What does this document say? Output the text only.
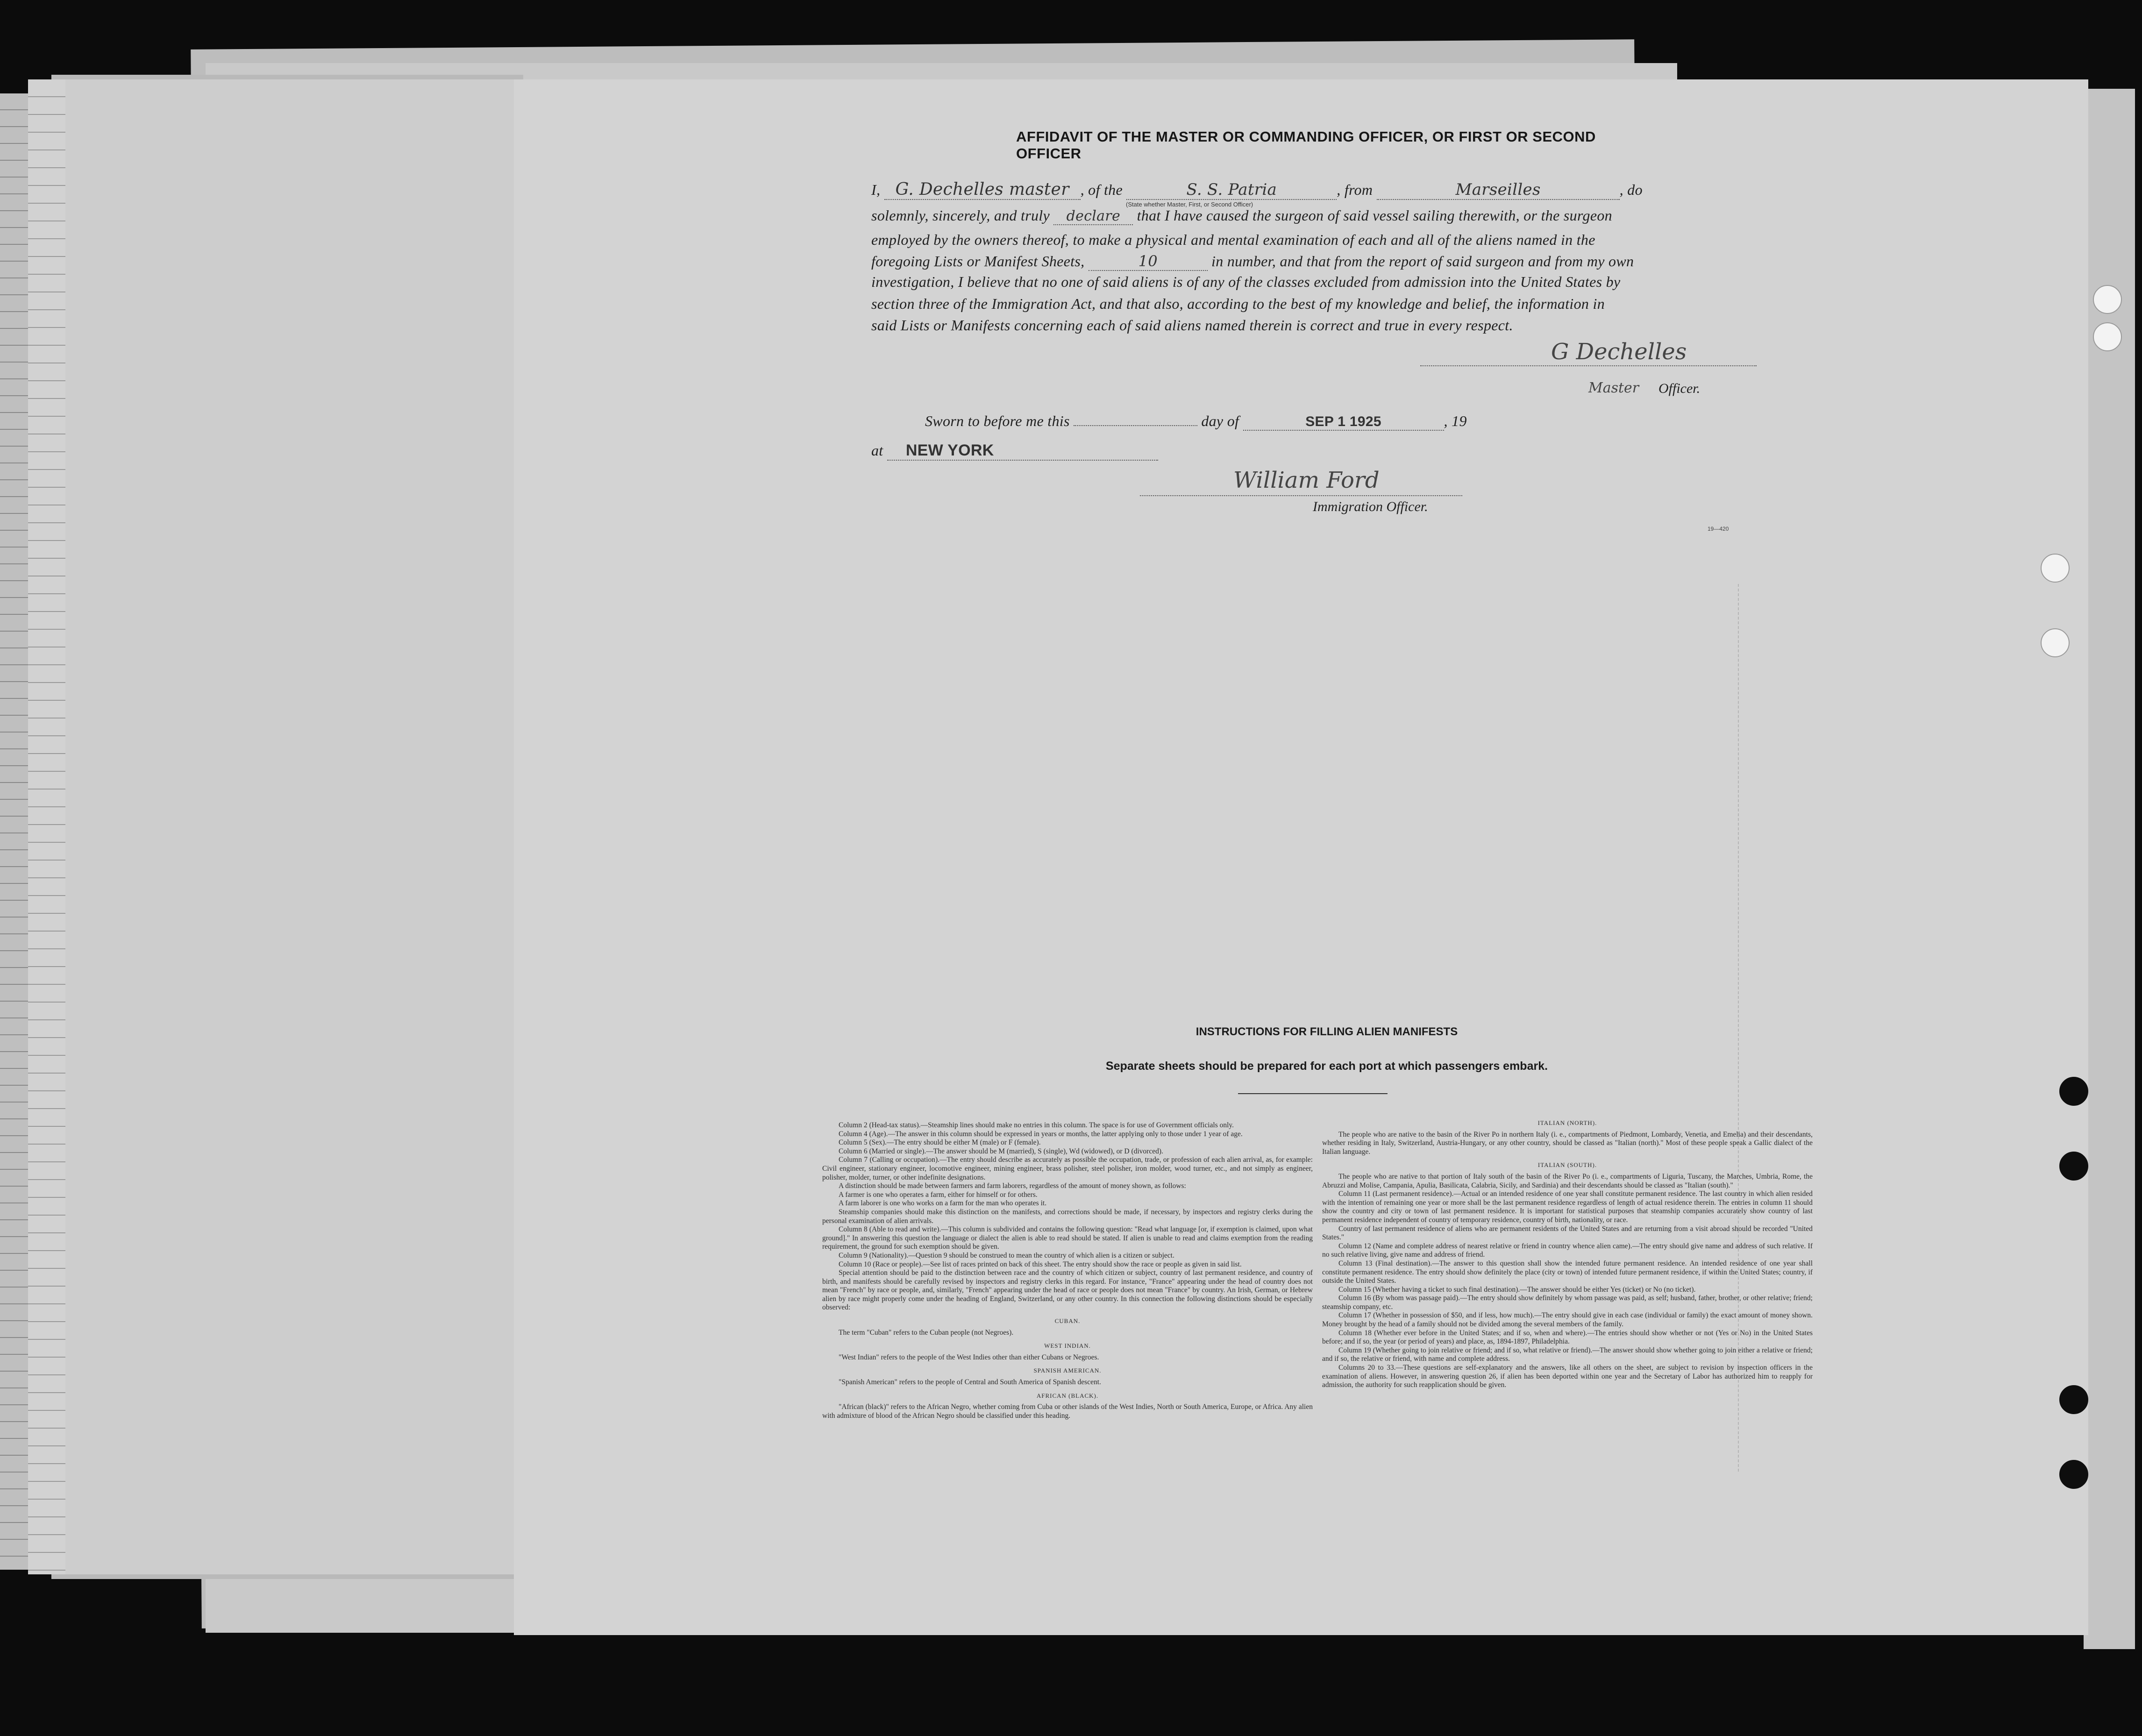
AFFIDAVIT OF THE MASTER OR COMMANDING OFFICER, OR FIRST OR SECOND OFFICER
I, G. Dechelles master , of the	S. S. Patria	, from	Marseilles	, do
(State whether Master, First, or Second Officer)
solemnly, sincerely, and truly declare that I have caused the surgeon of said vessel sailing therewith, or the surgeon
employed by the owners thereof, to make a physical and mental examination of each and all of the aliens named in the
foregoing Lists or Manifest Sheets,	10	in number, and that from the report of said surgeon and from my own
investigation, I believe that no one of said aliens is of any of the classes excluded from admission into the United States by
section three of the Immigration Act, and that also, according to the best of my knowledge and belief, the information in
said Lists or Manifests concerning each of said aliens named therein is correct and true in every respect.
G Dechelles
Master Officer.
Sworn to before me this	day of	SEP 1 1925	, 19
at NEW YORK
William Ford
Immigration Officer.
19—420
INSTRUCTIONS FOR FILLING ALIEN MANIFESTS
Separate sheets should be prepared for each port at which passengers embark.

Column 2 (Head-tax status).—Steamship lines should make no entries in this column. The space is for use of Government officials only.

Column 4 (Age).—The answer in this column should be expressed in years or months, the latter applying only to those under 1 year of age.

Column 5 (Sex).—The entry should be either M (male) or F (female).

Column 6 (Married or single).—The answer should be M (married), S (single), Wd (widowed), or D (divorced).

Column 7 (Calling or occupation).—The entry should describe as accurately as possible the occupation, trade, or profession of each alien arrival, as, for example: Civil engineer, stationary engineer, locomotive engineer, mining engineer, brass polisher, steel polisher, iron molder, wood turner, etc., and not simply as engineer, polisher, molder, turner, or other indefinite designations.

A distinction should be made between farmers and farm laborers, regardless of the amount of money shown, as follows:

A farmer is one who operates a farm, either for himself or for others.

A farm laborer is one who works on a farm for the man who operates it.

Steamship companies should make this distinction on the manifests, and corrections should be made, if necessary, by inspectors and registry clerks during the personal examination of alien arrivals.

Column 8 (Able to read and write).—This column is subdivided and contains the following question: "Read what language [or, if exemption is claimed, upon what ground]." In answering this question the language or dialect the alien is able to read should be stated. If alien is unable to read and claims exemption from the reading requirement, the ground for such exemption should be given.

Column 9 (Nationality).—Question 9 should be construed to mean the country of which alien is a citizen or subject.

Column 10 (Race or people).—See list of races printed on back of this sheet. The entry should show the race or people as given in said list.

Special attention should be paid to the distinction between race and the country of which citizen or subject, country of last permanent residence, and country of birth, and manifests should be carefully revised by inspectors and registry clerks in this regard. For instance, "France" appearing under the head of country does not mean "French" by race or people, and, similarly, "French" appearing under the head of race or people does not mean "France" by country. An Irish, German, or Hebrew alien by race might properly come under the heading of England, Switzerland, or any other country. In this connection the following distinctions should be especially observed:

CUBAN.

The term "Cuban" refers to the Cuban people (not Negroes).

WEST INDIAN.

"West Indian" refers to the people of the West Indies other than either Cubans or Negroes.

SPANISH AMERICAN.

"Spanish American" refers to the people of Central and South America of Spanish descent.

AFRICAN (BLACK).

"African (black)" refers to the African Negro, whether coming from Cuba or other islands of the West Indies, North or South America, Europe, or Africa. Any alien with admixture of blood of the African Negro should be classified under this heading.

ITALIAN (NORTH).

The people who are native to the basin of the River Po in northern Italy (i. e., compartments of Piedmont, Lombardy, Venetia, and Emelia) and their descendants, whether residing in Italy, Switzerland, Austria-Hungary, or any other country, should be classed as "Italian (north)." Most of these people speak a Gallic dialect of the Italian language.

ITALIAN (SOUTH).

The people who are native to that portion of Italy south of the basin of the River Po (i. e., compartments of Liguria, Tuscany, the Marches, Umbria, Rome, the Abruzzi and Molise, Campania, Apulia, Basilicata, Calabria, Sicily, and Sardinia) and their descendants should be classed as "Italian (south)."

Column 11 (Last permanent residence).—Actual or an intended residence of one year shall constitute permanent residence. The last country in which alien resided with the intention of remaining one year or more shall be the last permanent residence regardless of length of actual residence therein. The entries in column 11 should show the country and city or town of last permanent residence. It is important for statistical purposes that steamship companies accurately show country of last permanent residence independent of country of temporary residence, country of birth, nationality, or race.

Country of last permanent residence of aliens who are permanent residents of the United States and are returning from a visit abroad should be recorded "United States."

Column 12 (Name and complete address of nearest relative or friend in country whence alien came).—The entry should give name and address of such relative. If no such relative living, give name and address of friend.

Column 13 (Final destination).—The answer to this question shall show the intended future permanent residence. An intended residence of one year shall constitute permanent residence. The entry should show definitely the place (city or town) of intended future permanent residence, if within the United States; country, if outside the United States.

Column 15 (Whether having a ticket to such final destination).—The answer should be either Yes (ticket) or No (no ticket).

Column 16 (By whom was passage paid).—The entry should show definitely by whom passage was paid, as self; husband, father, brother, or other relative; friend; steamship company, etc.

Column 17 (Whether in possession of $50, and if less, how much).—The entry should give in each case (individual or family) the exact amount of money shown. Money brought by the head of a family should not be divided among the several members of the family.

Column 18 (Whether ever before in the United States; and if so, when and where).—The entries should show whether or not (Yes or No) in the United States before; and if so, the year (or period of years) and place, as, 1894-1897, Philadelphia.

Column 19 (Whether going to join relative or friend; and if so, what relative or friend).—The answer should show whether going to join either a relative or friend; and if so, the relative or friend, with name and complete address.

Columns 20 to 33.—These questions are self-explanatory and the answers, like all others on the sheet, are subject to revision by inspection officers in the examination of aliens. However, in answering question 26, if alien has been deported within one year and the Secretary of Labor has authorized him to reapply for admission, the authority for such reapplication should be given.
